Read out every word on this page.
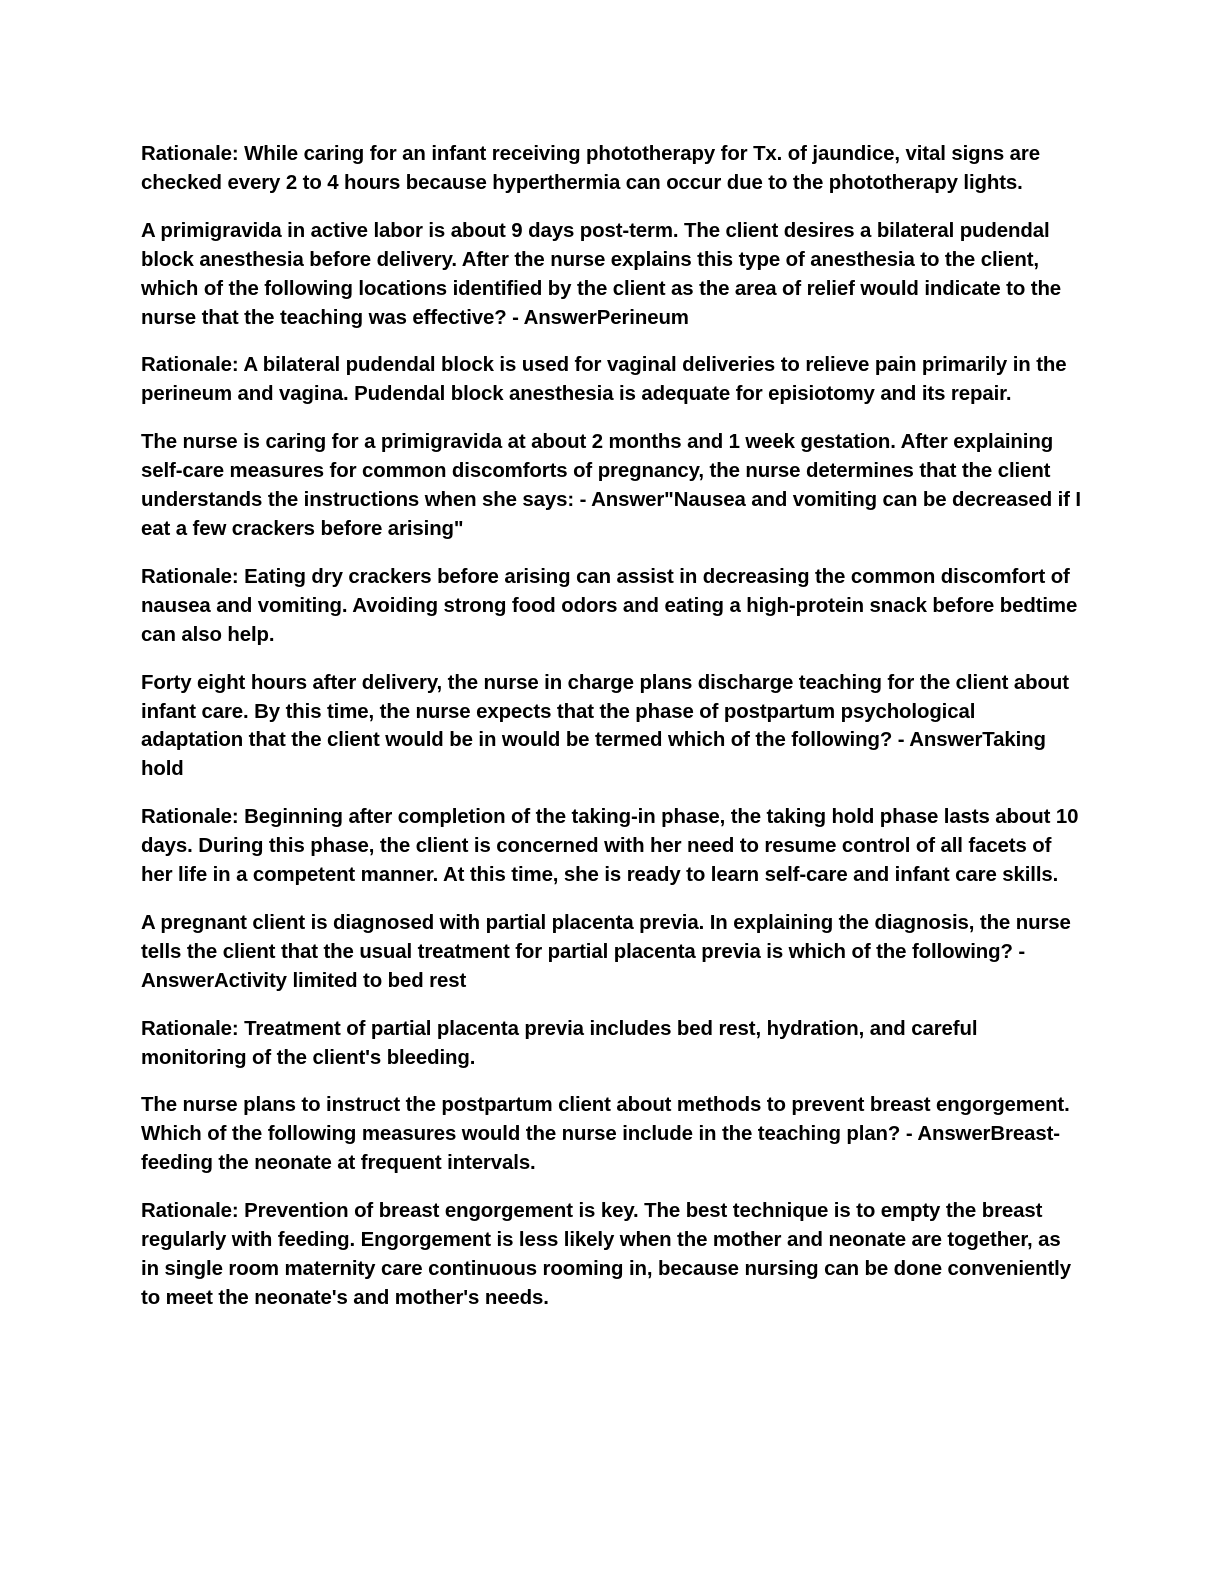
Rationale: While caring for an infant receiving phototherapy for Tx. of jaundice, vital signs are checked every 2 to 4 hours because hyperthermia can occur due to the phototherapy lights.

A primigravida in active labor is about 9 days post-term. The client desires a bilateral pudendal block anesthesia before delivery. After the nurse explains this type of anesthesia to the client, which of the following locations identified by the client as the area of relief would indicate to the nurse that the teaching was effective? - AnswerPerineum

Rationale: A bilateral pudendal block is used for vaginal deliveries to relieve pain primarily in the perineum and vagina. Pudendal block anesthesia is adequate for episiotomy and its repair.

The nurse is caring for a primigravida at about 2 months and 1 week gestation. After explaining self-care measures for common discomforts of pregnancy, the nurse determines that the client understands the instructions when she says: - Answer"Nausea and vomiting can be decreased if I eat a few crackers before arising"

Rationale: Eating dry crackers before arising can assist in decreasing the common discomfort of nausea and vomiting. Avoiding strong food odors and eating a high-protein snack before bedtime can also help.

Forty eight hours after delivery, the nurse in charge plans discharge teaching for the client about infant care. By this time, the nurse expects that the phase of postpartum psychological adaptation that the client would be in would be termed which of the following? - AnswerTaking hold

Rationale: Beginning after completion of the taking-in phase, the taking hold phase lasts about 10 days. During this phase, the client is concerned with her need to resume control of all facets of her life in a competent manner. At this time, she is ready to learn self-care and infant care skills.

A pregnant client is diagnosed with partial placenta previa. In explaining the diagnosis, the nurse tells the client that the usual treatment for partial placenta previa is which of the following? - AnswerActivity limited to bed rest

Rationale: Treatment of partial placenta previa includes bed rest, hydration, and careful monitoring of the client's bleeding.

The nurse plans to instruct the postpartum client about methods to prevent breast engorgement. Which of the following measures would the nurse include in the teaching plan? - AnswerBreast-feeding the neonate at frequent intervals.

Rationale: Prevention of breast engorgement is key. The best technique is to empty the breast regularly with feeding. Engorgement is less likely when the mother and neonate are together, as in single room maternity care continuous rooming in, because nursing can be done conveniently to meet the neonate's and mother's needs.
